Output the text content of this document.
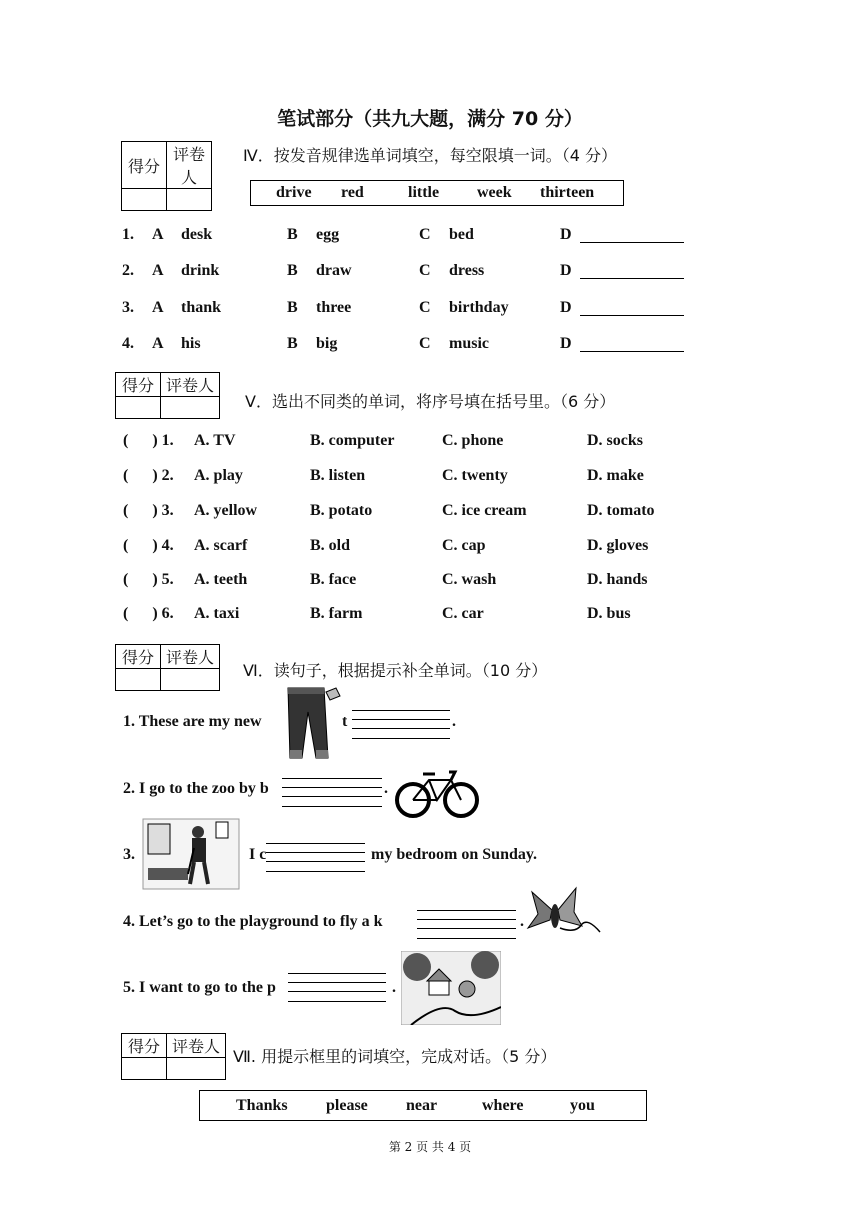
笔试部分（共九大题，满分 70 分）
得分	评卷人

Ⅳ．按发音规律选单词填空，每空限填一词。（4 分）
drive red	little week thirteen
1. A desk	B egg	C bed	D
2. A drink	B draw	C dress	D
3. A thank	B three	C birthday	D
4. A his	B big	C music	D
得分	评卷人

Ⅴ．选出不同类的单词，将序号填在括号里。（6 分）
(      ) 1. A. TV	B. computer	C. phone	D. socks
(      ) 2. A. play	B. listen	C. twenty	D. make
(      ) 3. A. yellow	B. potato	C. ice cream	D. tomato
(      ) 4. A. scarf	B. old	C. cap	D. gloves
(      ) 5. A. teeth	B. face	C. wash	D. hands
(      ) 6. A. taxi	B. farm	C. car	D. bus
得分	评卷人

Ⅵ．读句子，根据提示补全单词。（10 分）
1. These are my new	t	.
2. I go to the zoo by b	.
3.	I c	my bedroom on Sunday.
4. Let’s go to the playground to fly a k	.
5. I want to go to the p	.
得分	评卷人

Ⅶ. 用提示框里的词填空，完成对话。（5 分）
Thanks please near	where	you
第 2 页 共 4 页
